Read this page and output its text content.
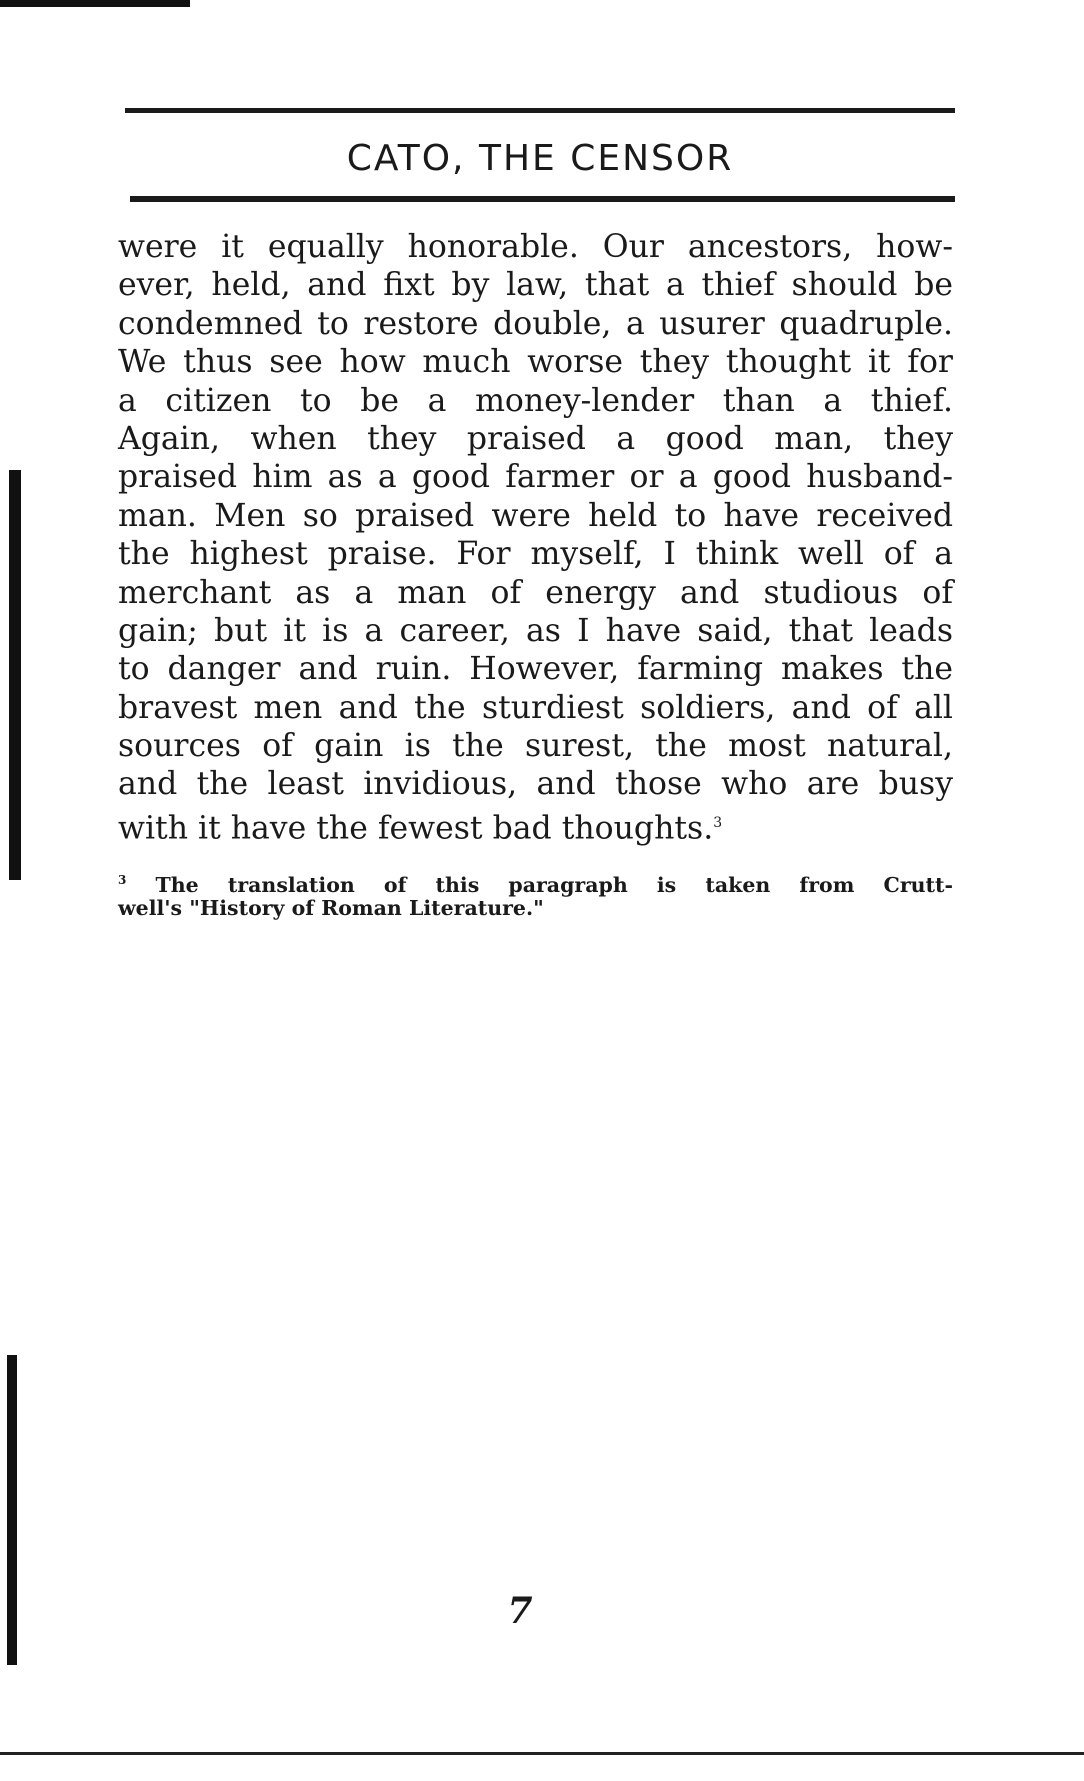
CATO, THE CENSOR
were it equally honorable. Our ancestors, how-
ever, held, and fixt by law, that a thief should be
condemned to restore double, a usurer quadruple.
We thus see how much worse they thought it for
a citizen to be a money-lender than a thief.
Again, when they praised a good man, they
praised him as a good farmer or a good husband-
man. Men so praised were held to have received
the highest praise. For myself, I think well of a
merchant as a man of energy and studious of
gain; but it is a career, as I have said, that leads
to danger and ruin. However, farming makes the
bravest men and the sturdiest soldiers, and of all
sources of gain is the surest, the most natural,
and the least invidious, and those who are busy
with it have the fewest bad thoughts.$^3$
$^3$ The translation of this paragraph is taken from Crutt-
well's "History of Roman Literature."
7
